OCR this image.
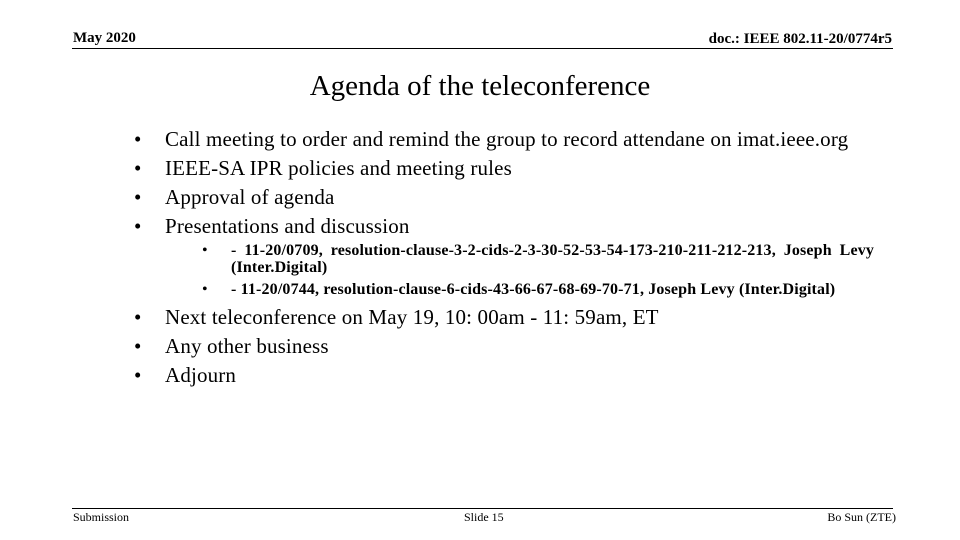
May 2020	doc.: IEEE 802.11-20/0774r5
Agenda of the teleconference
• Call meeting to order and remind the group to record attendane on imat.ieee.org
• IEEE-SA IPR policies and meeting rules
• Approval of agenda
• Presentations and discussion
• - 11-20/0709, resolution-clause-3-2-cids-2-3-30-52-53-54-173-210-211-212-213, Joseph Levy (Inter.Digital)
• - 11-20/0744, resolution-clause-6-cids-43-66-67-68-69-70-71, Joseph Levy (Inter.Digital)
• Next teleconference on May 19, 10: 00am - 11: 59am, ET
• Any other business
• Adjourn
Submission	Slide 15	Bo Sun (ZTE)
